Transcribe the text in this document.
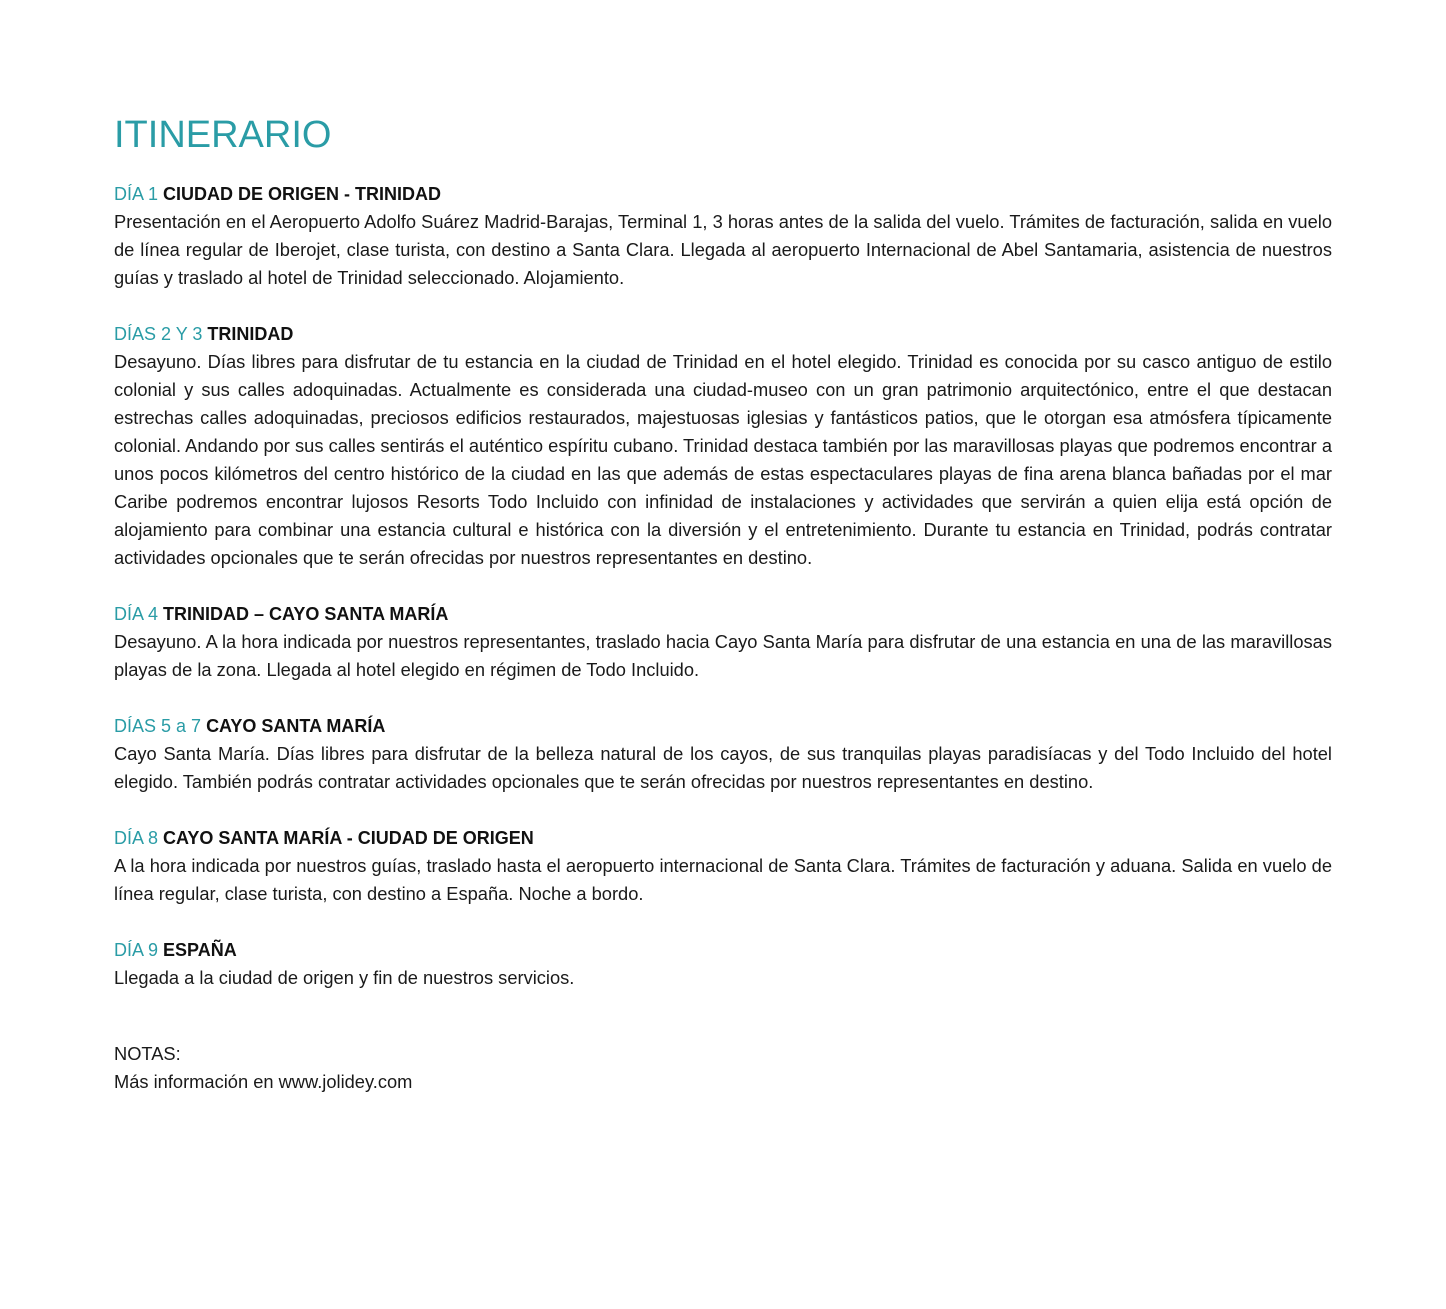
ITINERARIO

DÍA 1 CIUDAD DE ORIGEN - TRINIDAD

Presentación en el Aeropuerto Adolfo Suárez Madrid-Barajas, Terminal 1, 3 horas antes de la salida del vuelo. Trámites de facturación, salida en vuelo de línea regular de Iberojet, clase turista, con destino a Santa Clara. Llegada al aeropuerto Internacional de Abel Santamaria, asistencia de nuestros guías y traslado al hotel de Trinidad seleccionado. Alojamiento.

DÍAS 2 Y 3 TRINIDAD

Desayuno. Días libres para disfrutar de tu estancia en la ciudad de Trinidad en el hotel elegido. Trinidad es conocida por su casco antiguo de estilo colonial y sus calles adoquinadas. Actualmente es considerada una ciudad-museo con un gran patrimonio arquitectónico, entre el que destacan estrechas calles adoquinadas, preciosos edificios restaurados, majestuosas iglesias y fantásticos patios, que le otorgan esa atmósfera típicamente colonial. Andando por sus calles sentirás el auténtico espíritu cubano. Trinidad destaca también por las maravillosas playas que podremos encontrar a unos pocos kilómetros del centro histórico de la ciudad en las que además de estas espectaculares playas de fina arena blanca bañadas por el mar Caribe podremos encontrar lujosos Resorts Todo Incluido con infinidad de instalaciones y actividades que servirán a quien elija está opción de alojamiento para combinar una estancia cultural e histórica con la diversión y el entretenimiento. Durante tu estancia en Trinidad, podrás contratar actividades opcionales que te serán ofrecidas por nuestros representantes en destino.

DÍA 4 TRINIDAD – CAYO SANTA MARÍA

Desayuno. A la hora indicada por nuestros representantes, traslado hacia Cayo Santa María para disfrutar de una estancia en una de las maravillosas playas de la zona. Llegada al hotel elegido en régimen de Todo Incluido.

DÍAS 5 a 7 CAYO SANTA MARÍA

Cayo Santa María. Días libres para disfrutar de la belleza natural de los cayos, de sus tranquilas playas paradisíacas y del Todo Incluido del hotel elegido. También podrás contratar actividades opcionales que te serán ofrecidas por nuestros representantes en destino.

DÍA 8 CAYO SANTA MARÍA - CIUDAD DE ORIGEN

A la hora indicada por nuestros guías, traslado hasta el aeropuerto internacional de Santa Clara. Trámites de facturación y aduana. Salida en vuelo de línea regular, clase turista, con destino a España. Noche a bordo.

DÍA 9 ESPAÑA

Llegada a la ciudad de origen y fin de nuestros servicios.

NOTAS:

Más información en www.jolidey.com
